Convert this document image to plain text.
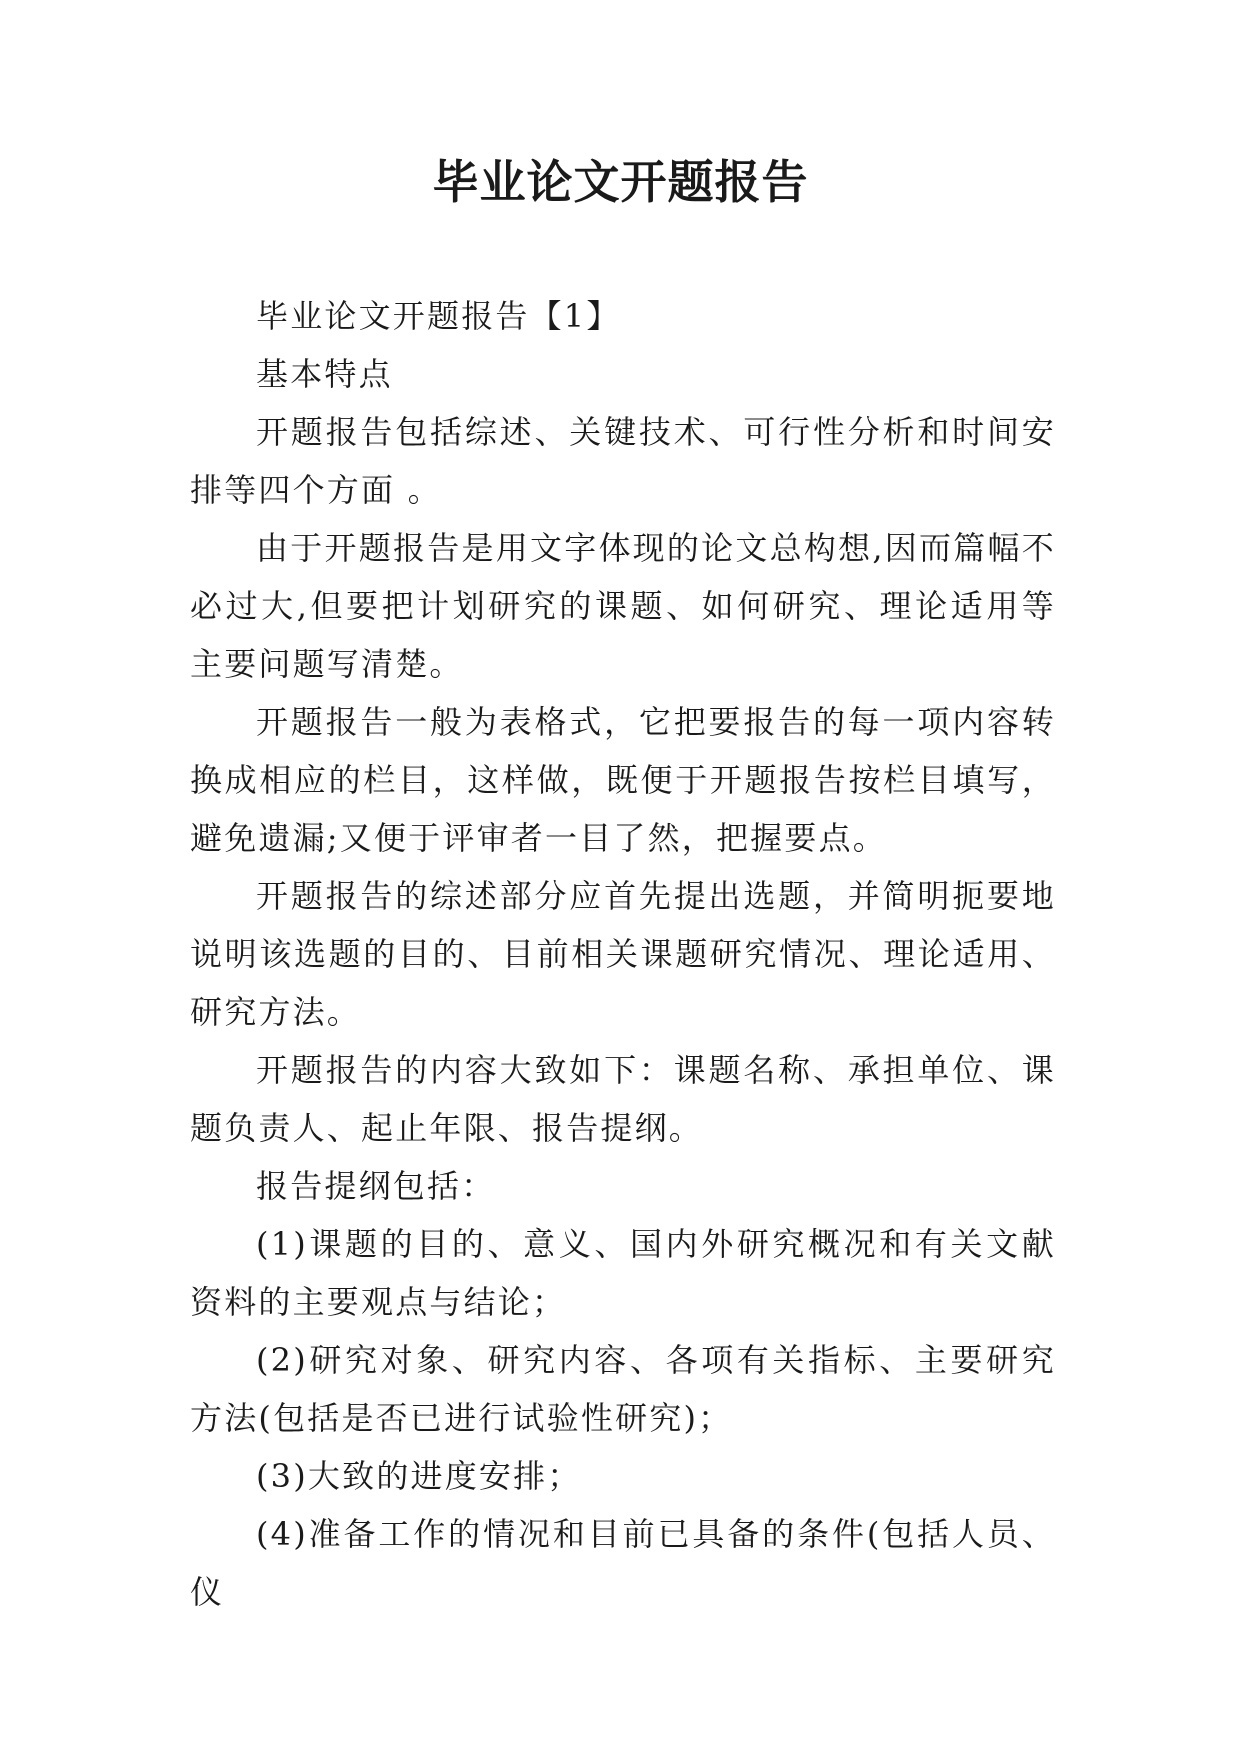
毕业论文开题报告

毕业论文开题报告【1】

基本特点

开题报告包括综述、关键技术、可行性分析和时间安排等四个方面 。

由于开题报告是用文字体现的论文总构想,因而篇幅不必过大,但要把计划研究的课题、如何研究、理论适用等主要问题写清楚。

开题报告一般为表格式，它把要报告的每一项内容转换成相应的栏目，这样做，既便于开题报告按栏目填写，避免遗漏;又便于评审者一目了然，把握要点。

开题报告的综述部分应首先提出选题，并简明扼要地说明该选题的目的、目前相关课题研究情况、理论适用、研究方法。

开题报告的内容大致如下：课题名称、承担单位、课题负责人、起止年限、报告提纲。

报告提纲包括：

(1)课题的目的、意义、国内外研究概况和有关文献资料的主要观点与结论；

(2)研究对象、研究内容、各项有关指标、主要研究方法(包括是否已进行试验性研究)；

(3)大致的进度安排；

(4)准备工作的情况和目前已具备的条件(包括人员、仪
